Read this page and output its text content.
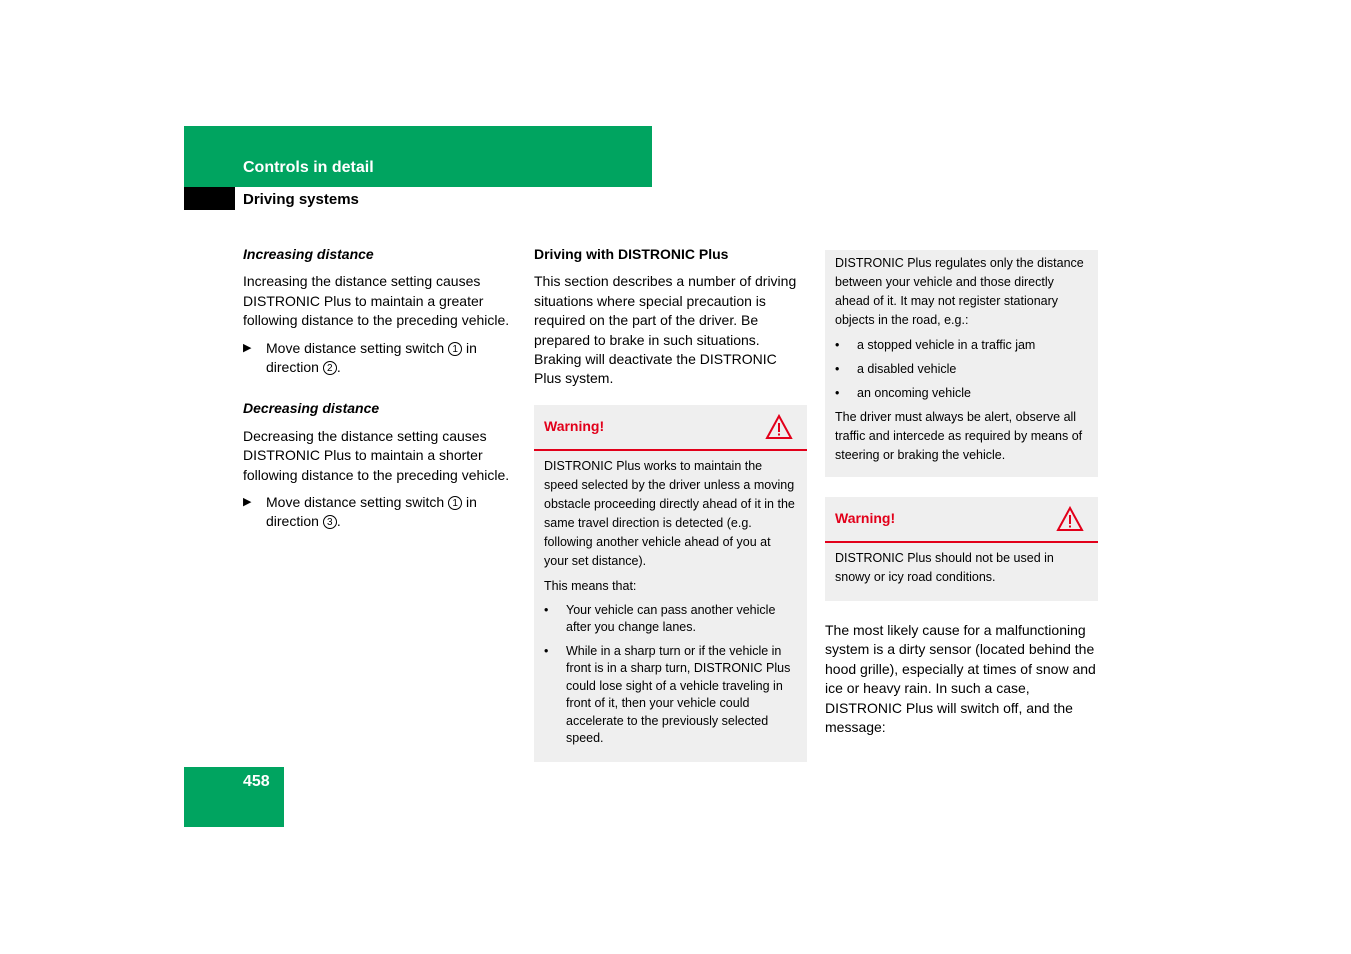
Controls in detail
Driving systems
Increasing distance

Increasing the distance setting causes DISTRONIC Plus to maintain a greater following distance to the preceding vehicle.

▶ Move distance setting switch 1 in direction 2 .
Decreasing distance

Decreasing the distance setting causes DISTRONIC Plus to maintain a shorter following distance to the preceding vehicle.

▶ Move distance setting switch 1 in direction 3 .
Driving with DISTRONIC Plus

This section describes a number of driving situations where special precaution is required on the part of the driver. Be prepared to brake in such situations. Braking will deactivate the DISTRONIC Plus system.

Warning!

DISTRONIC Plus works to maintain the speed selected by the driver unless a moving obstacle proceeding directly ahead of it in the same travel direction is detected (e.g. following another vehicle ahead of you at your set distance).

This means that:

• Your vehicle can pass another vehicle after you change lanes.
• While in a sharp turn or if the vehicle in front is in a sharp turn, DISTRONIC Plus could lose sight of a vehicle traveling in front of it, then your vehicle could accelerate to the previously selected speed.

DISTRONIC Plus regulates only the distance between your vehicle and those directly ahead of it. It may not register stationary objects in the road, e.g.:

• a stopped vehicle in a traffic jam
• a disabled vehicle
• an oncoming vehicle

The driver must always be alert, observe all traffic and intercede as required by means of steering or braking the vehicle.

Warning!

DISTRONIC Plus should not be used in snowy or icy road conditions.

The most likely cause for a malfunctioning system is a dirty sensor (located behind the hood grille), especially at times of snow and ice or heavy rain. In such a case, DISTRONIC Plus will switch off, and the message:

458
